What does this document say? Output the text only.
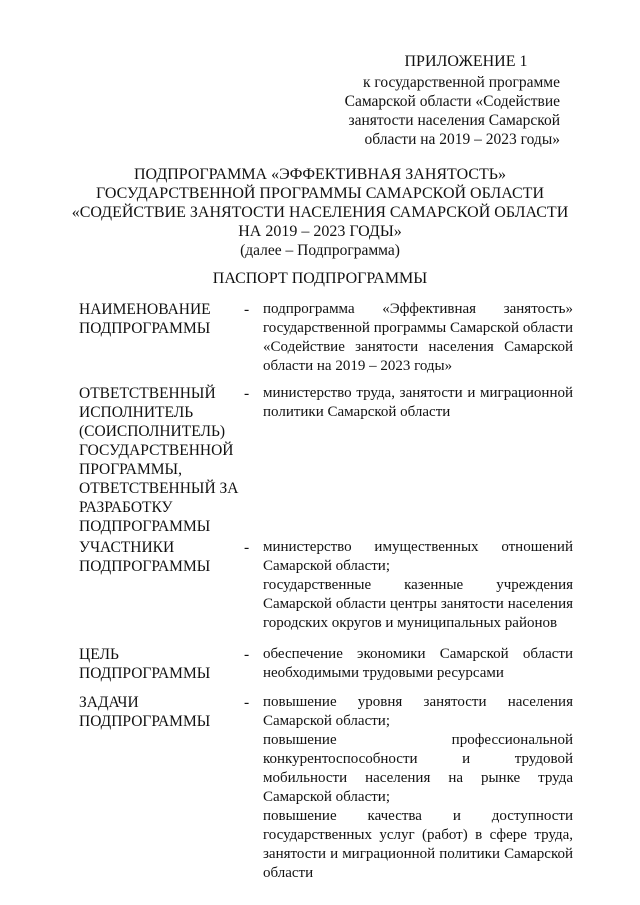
ПРИЛОЖЕНИЕ 1
к государственной программе
Самарской области «Содействие
занятости населения Самарской
области на 2019 – 2023 годы»
ПОДПРОГРАММА «ЭФФЕКТИВНАЯ ЗАНЯТОСТЬ»
ГОСУДАРСТВЕННОЙ ПРОГРАММЫ САМАРСКОЙ ОБЛАСТИ
«СОДЕЙСТВИЕ ЗАНЯТОСТИ НАСЕЛЕНИЯ САМАРСКОЙ ОБЛАСТИ
НА 2019 – 2023 ГОДЫ»
(далее – Подпрограмма)
ПАСПОРТ ПОДПРОГРАММЫ
НАИМЕНОВАНИЕ
ПОДПРОГРАММЫ
- подпрограмма «Эффективная занятость» государственной программы Самарской области «Содействие занятости населения Самарской области на 2019 – 2023 годы»
ОТВЕТСТВЕННЫЙ
ИСПОЛНИТЕЛЬ
(СОИСПОЛНИТЕЛЬ)
ГОСУДАРСТВЕННОЙ
ПРОГРАММЫ,
ОТВЕТСТВЕННЫЙ ЗА
РАЗРАБОТКУ
ПОДПРОГРАММЫ
- министерство труда, занятости и миграционной политики Самарской области
УЧАСТНИКИ
ПОДПРОГРАММЫ
- министерство имущественных отношений Самарской области;
государственные казенные учреждения Самарской области центры занятости населения городских округов и муниципальных районов
ЦЕЛЬ
ПОДПРОГРАММЫ
- обеспечение экономики Самарской области необходимыми трудовыми ресурсами
ЗАДАЧИ
ПОДПРОГРАММЫ
- повышение уровня занятости населения Самарской области;
повышение профессиональной конкурентоспособности и трудовой мобильности населения на рынке труда Самарской области;
повышение качества и доступности государственных услуг (работ) в сфере труда, занятости и миграционной политики Самарской области
